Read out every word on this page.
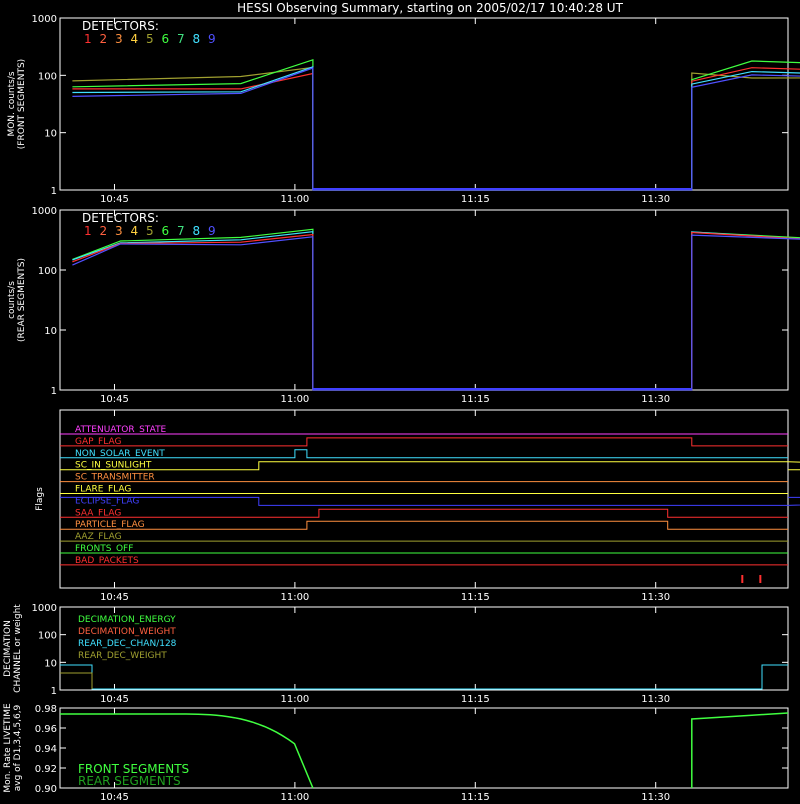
HESSI Observing Summary, starting on 2005/02/17 10:40:28 UT
10:45	11:00	11:15	11:30
1000
100
10
1
MON. counts/s (FRONT SEGMENTS)
DETECTORS:
1 2 3 4 5 6 7 8 9
10:45	11:00	11:15	11:30
1000
100
10
1
counts/s (REAR SEGMENTS)
DETECTORS:
1 2 3 4 5 6 7 8 9
10:45	11:00	11:15	11:30
Flags
ATTENUATOR_STATE
GAP_FLAG
NON_SOLAR_EVENT
SC_IN_SUNLIGHT
SC_TRANSMITTER
FLARE_FLAG
ECLIPSE_FLAG
SAA_FLAG
PARTICLE_FLAG
AAZ_FLAG
FRONTS_OFF
BAD_PACKETS
10:45	11:00	11:15	11:30
1000
100
10
1
DECIMATION CHANNEL or weight	DECIMATION_ENERGY
DECIMATION_WEIGHT
REAR_DEC_CHAN/128
REAR_DEC_WEIGHT
10:45	11:00	11:15	11:30
0.98
0.96
0.94
0.92
0.90
Mon. Rate LIVETIME avg of D1,3,4,5,6,9	FRONT SEGMENTS
REAR SEGMENTS
